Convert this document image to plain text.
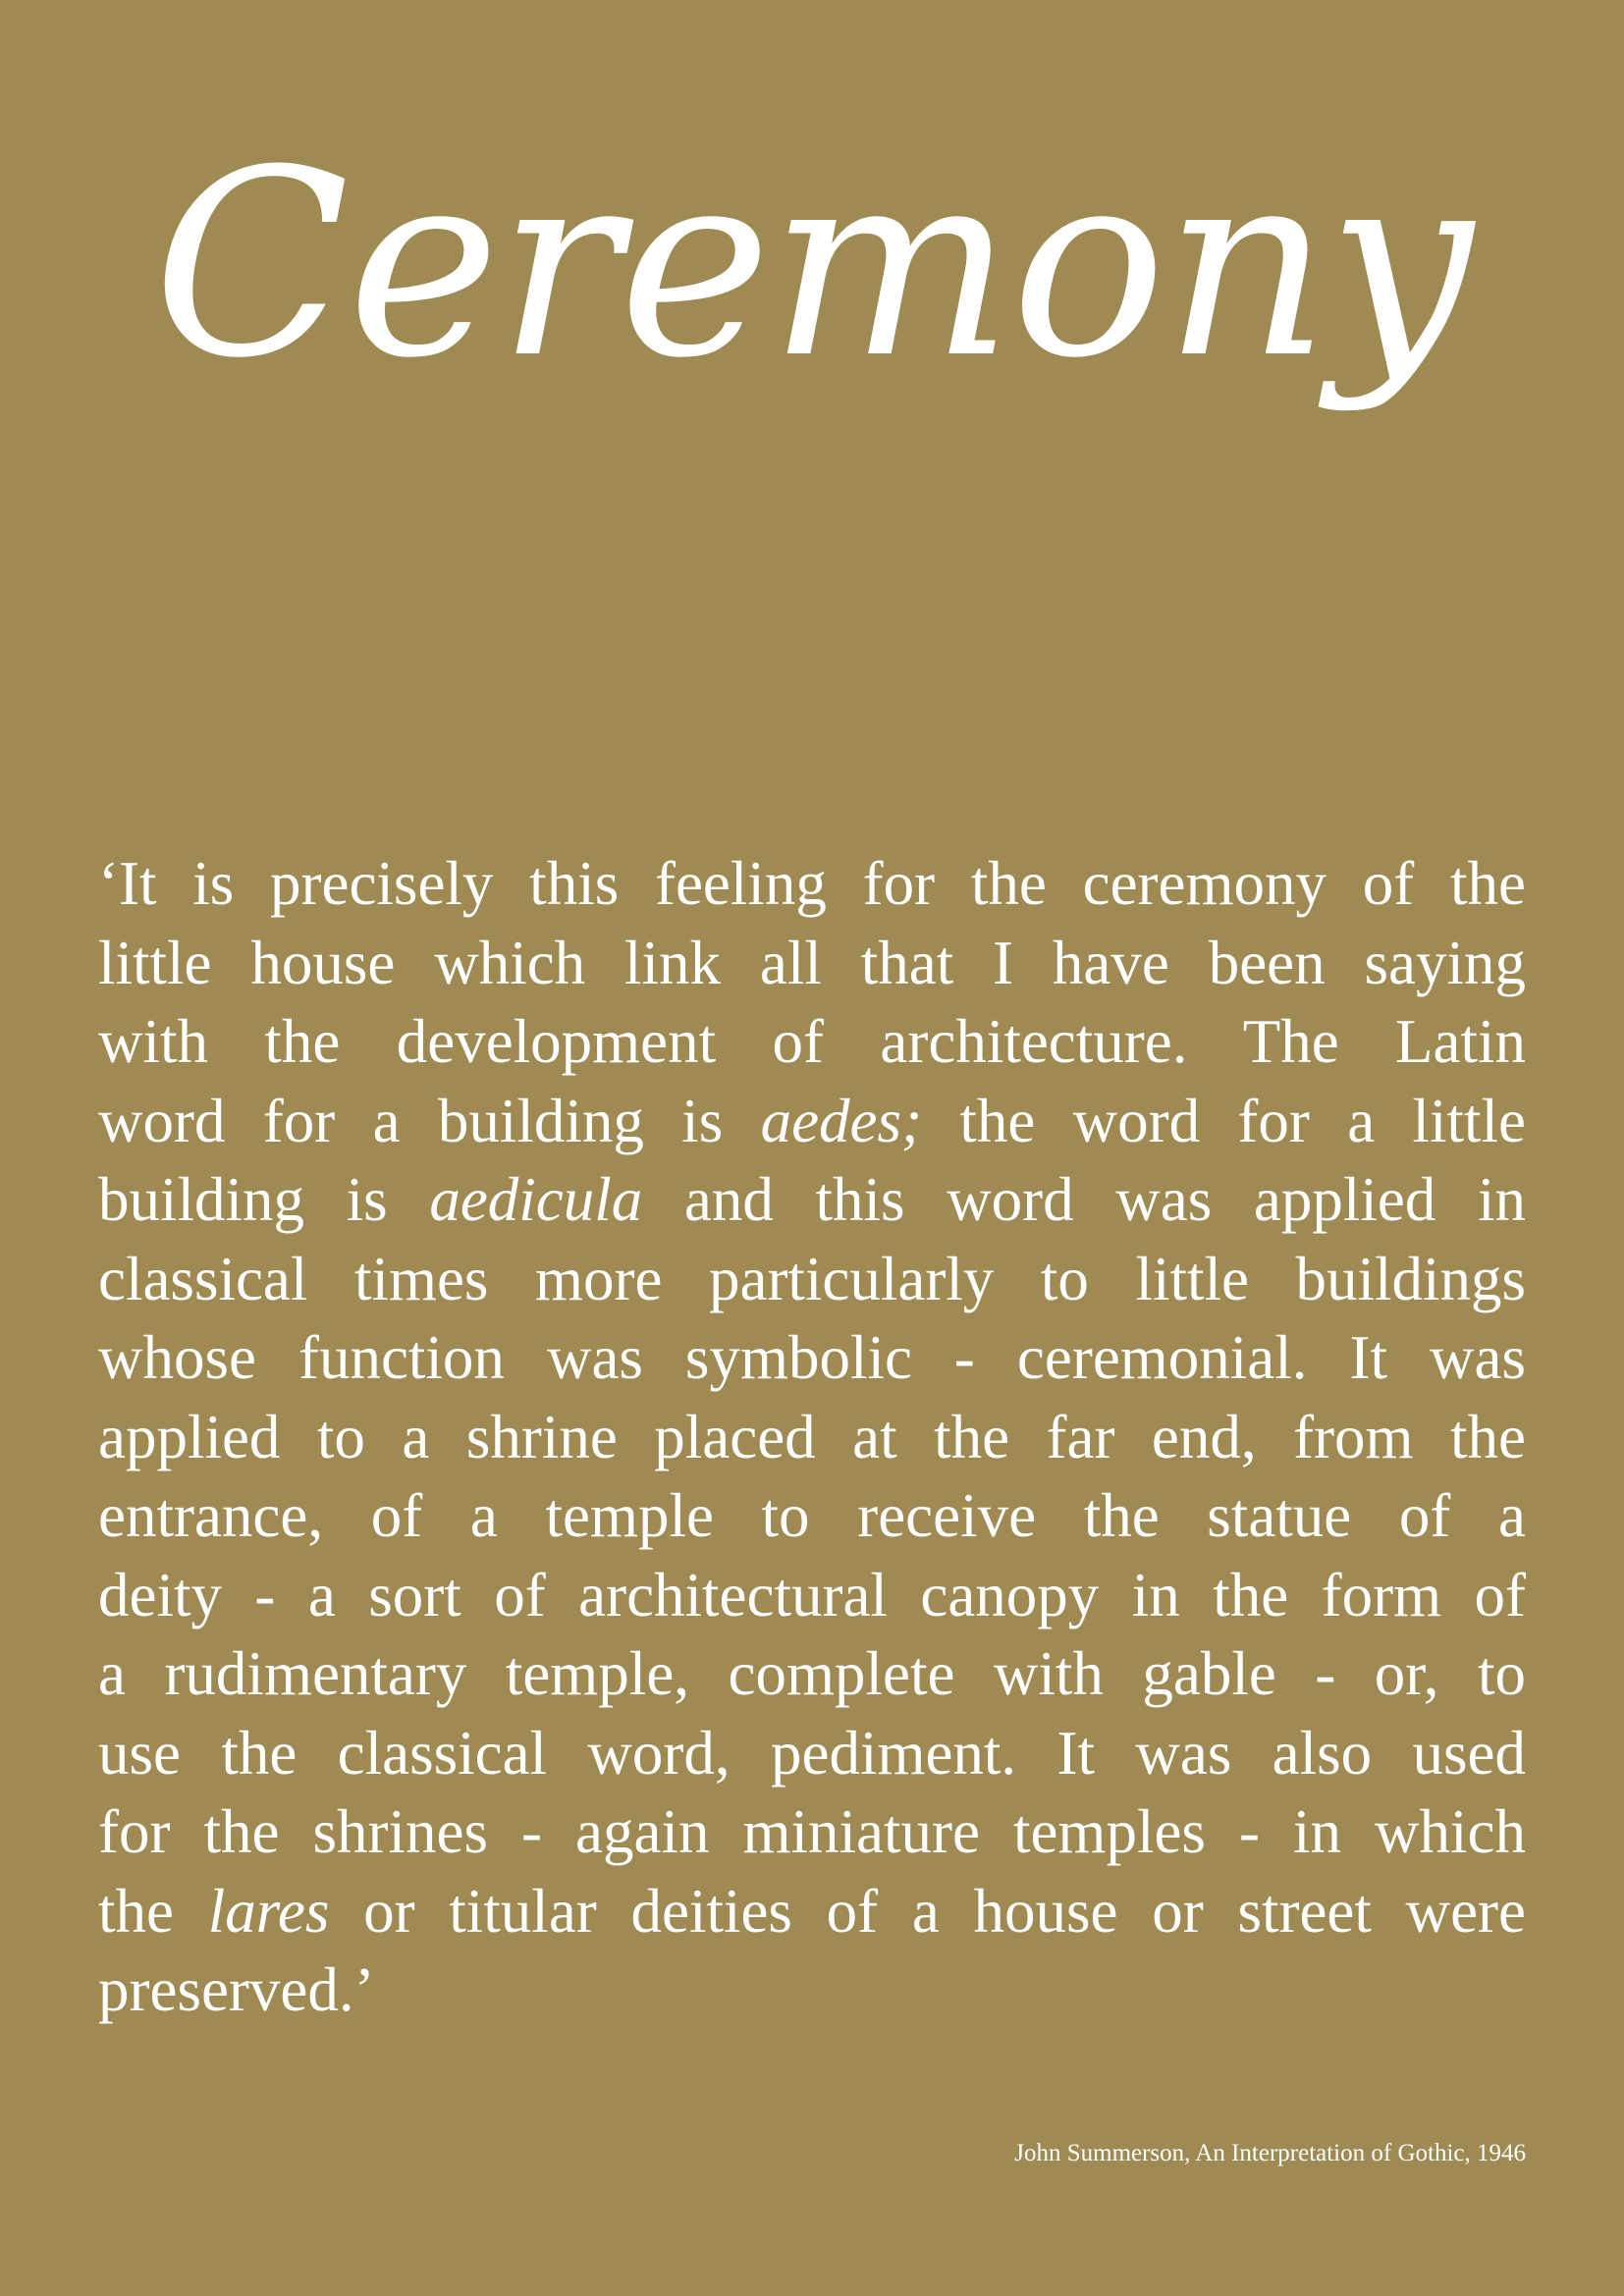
Ceremony

‘It is precisely this feeling for the ceremony of the
little house which link all that I have been saying
with the development of architecture. The Latin
word for a building is aedes; the word for a little
building is aedicula and this word was applied in
classical times more particularly to little buildings
whose function was symbolic - ceremonial. It was
applied to a shrine placed at the far end, from the
entrance, of a temple to receive the statue of a
deity - a sort of architectural canopy in the form of
a rudimentary temple, complete with gable - or, to
use the classical word, pediment. It was also used
for the shrines - again miniature temples - in which
the lares or titular deities of a house or street were
preserved.’

John Summerson, An Interpretation of Gothic, 1946
